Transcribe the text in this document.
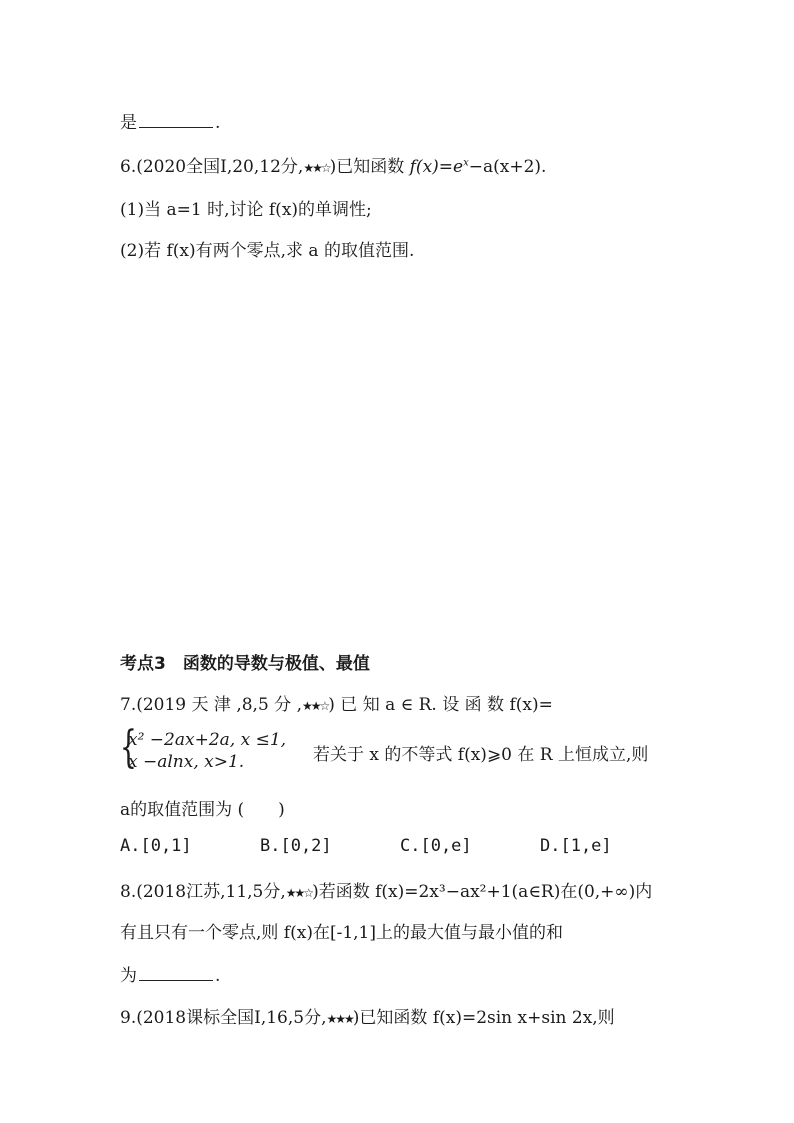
是	.
6.(2020全国Ⅰ,20,12分,★★☆)已知函数 $f(x)=e^x-a(x+2)$.
(1)当 a=1 时,讨论 f(x)的单调性;
(2)若 f(x)有两个零点,求 a 的取值范围.
考点3　函数的导数与极值、最值
7.(2019 天 津 ,8,5 分 ,★★☆) 已 知 a ∈ R. 设 函 数 f(x)=
{
x² −2ax+2a, x ≤1,
x −alnx, x>1.	若关于 x 的不等式 f(x)⩾0 在 R 上恒成立,则
a的取值范围为 (　　)
A.[0,1]	B.[0,2]	C.[0,e]	D.[1,e]
8.(2018江苏,11,5分,★★☆)若函数 f(x)=2x³−ax²+1(a∈R)在(0,+∞)内
有且只有一个零点,则 f(x)在[-1,1]上的最大值与最小值的和
为	.
9.(2018课标全国Ⅰ,16,5分,★★★)已知函数 f(x)=2sin x+sin 2x,则
